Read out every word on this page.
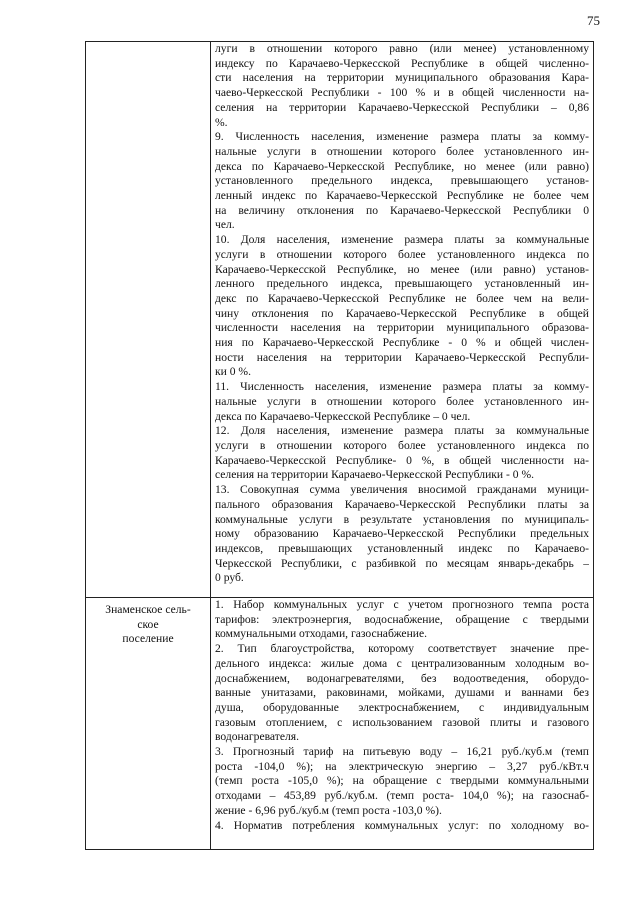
75
луги в отношении которого равно (или менее) установленному
индексу по Карачаево-Черкесской Республике в общей численно-
сти населения на территории муниципального образования Кара-
чаево-Черкесской Республики - 100 % и в общей численности на-
селения на территории Карачаево-Черкесской Республики – 0,86
%.
9. Численность населения, изменение размера платы за комму-
нальные услуги в отношении которого более установленного ин-
декса по Карачаево-Черкесской Республике, но менее (или равно)
установленного предельного индекса, превышающего установ-
ленный индекс по Карачаево-Черкесской Республике не более чем
на величину отклонения по Карачаево-Черкесской Республики 0
чел.
10. Доля населения, изменение размера платы за коммунальные
услуги в отношении которого более установленного индекса по
Карачаево-Черкесской Республике, но менее (или равно) установ-
ленного предельного индекса, превышающего установленный ин-
декс по Карачаево-Черкесской Республике не более чем на вели-
чину отклонения по Карачаево-Черкесской Республике в общей
численности населения на территории муниципального образова-
ния по Карачаево-Черкесской Республике - 0 % и общей числен-
ности населения на территории Карачаево-Черкесской Республи-
ки 0 %.
11. Численность населения, изменение размера платы за комму-
нальные услуги в отношении которого более установленного ин-
декса по Карачаево-Черкесской Республике – 0 чел.
12. Доля населения, изменение размера платы за коммунальные
услуги в отношении которого более установленного индекса по
Карачаево-Черкесской Республике- 0 %, в общей численности на-
селения на территории Карачаево-Черкесской Республики - 0 %.
13. Совокупная сумма увеличения вносимой гражданами муници-
пального образования Карачаево-Черкесской Республики платы за
коммунальные услуги в результате установления по муниципаль-
ному образованию Карачаево-Черкесской Республики предельных
индексов, превышающих установленный индекс по Карачаево-
Черкесской Республики, с разбивкой по месяцам январь-декабрь –
0 руб.
Знаменское сель-
ское
поселение
1. Набор коммунальных услуг с учетом прогнозного темпа роста
тарифов: электроэнергия, водоснабжение, обращение с твердыми
коммунальными отходами, газоснабжение.
2. Тип благоустройства, которому соответствует значение пре-
дельного индекса: жилые дома с централизованным холодным во-
доснабжением, водонагревателями, без водоотведения, оборудо-
ванные унитазами, раковинами, мойками, душами и ваннами без
душа, оборудованные электроснабжением, с индивидуальным
газовым отоплением, с использованием газовой плиты и газового
водонагревателя.
3. Прогнозный тариф на питьевую воду – 16,21 руб./куб.м (темп
роста -104,0 %); на электрическую энергию – 3,27 руб./кВт.ч
(темп роста -105,0 %); на обращение с твердыми коммунальными
отходами – 453,89 руб./куб.м. (темп роста- 104,0 %); на газоснаб-
жение - 6,96 руб./куб.м (темп роста -103,0 %).
4. Норматив потребления коммунальных услуг: по холодному во-
